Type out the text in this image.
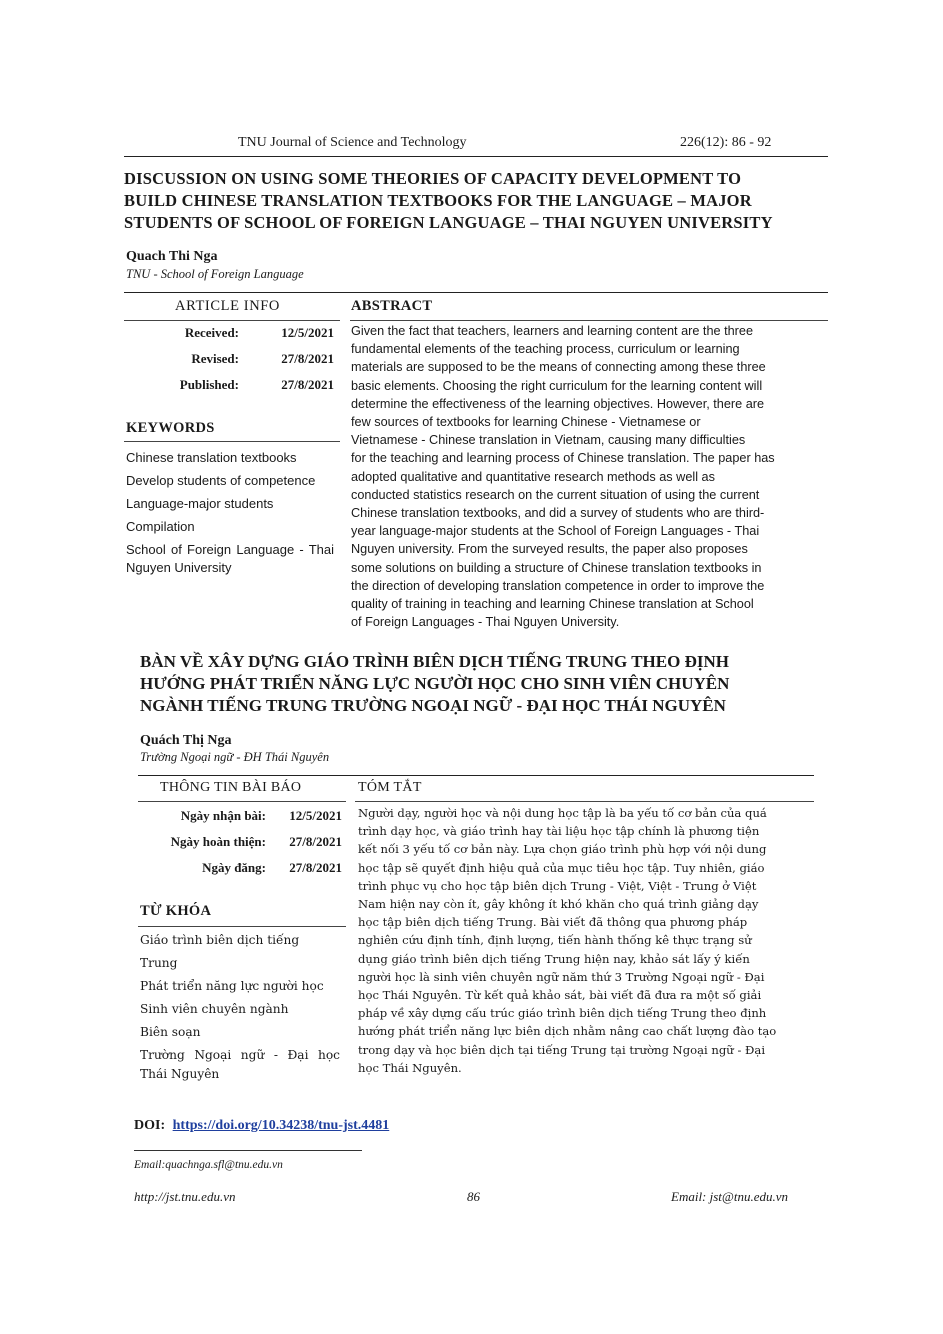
TNU Journal of Science and Technology	226(12): 86 - 92
DISCUSSION ON USING SOME THEORIES OF CAPACITY DEVELOPMENT TO
BUILD CHINESE TRANSLATION TEXTBOOKS FOR THE LANGUAGE – MAJOR
STUDENTS OF SCHOOL OF FOREIGN LANGUAGE – THAI NGUYEN UNIVERSITY
Quach Thi Nga
TNU - School of Foreign Language
ARTICLE INFO	ABSTRACT
Received:	12/5/2021
Revised:	27/8/2021
Published:	27/8/2021
KEYWORDS
Chinese translation textbooks
Develop students of competence
Language-major students
Compilation
School of Foreign Language - Thai Nguyen University
Given the fact that teachers, learners and learning content are the three
fundamental elements of the teaching process, curriculum or learning
materials are supposed to be the means of connecting among these three
basic elements. Choosing the right curriculum for the learning content will
determine the effectiveness of the learning objectives. However, there are
few sources of textbooks for learning Chinese - Vietnamese or
Vietnamese - Chinese translation in Vietnam, causing many difficulties
for the teaching and learning process of Chinese translation. The paper has
adopted qualitative and quantitative research methods as well as
conducted statistics research on the current situation of using the current
Chinese translation textbooks, and did a survey of students who are third-
year language-major students at the School of Foreign Languages - Thai
Nguyen university. From the surveyed results, the paper also proposes
some solutions on building a structure of Chinese translation textbooks in
the direction of developing translation competence in order to improve the
quality of training in teaching and learning Chinese translation at School
of Foreign Languages - Thai Nguyen University.
BÀN VỀ XÂY DỰNG GIÁO TRÌNH BIÊN DỊCH TIẾNG TRUNG THEO ĐỊNH
HƯỚNG PHÁT TRIỂN NĂNG LỰC NGƯỜI HỌC CHO SINH VIÊN CHUYÊN
NGÀNH TIẾNG TRUNG TRƯỜNG NGOẠI NGỮ - ĐẠI HỌC THÁI NGUYÊN
Quách Thị Nga
Trường Ngoại ngữ - ĐH Thái Nguyên
THÔNG TIN BÀI BÁO	TÓM TẮT
Ngày nhận bài:	12/5/2021
Ngày hoàn thiện:	27/8/2021
Ngày đăng:	27/8/2021
TỪ KHÓA
Giáo trình biên dịch tiếng Trung
Phát triển năng lực người học
Sinh viên chuyên ngành
Biên soạn
Trường Ngoại ngữ - Đại học Thái Nguyên
Người dạy, người học và nội dung học tập là ba yếu tố cơ bản của quá
trình dạy học, và giáo trình hay tài liệu học tập chính là phương tiện
kết nối 3 yếu tố cơ bản này. Lựa chọn giáo trình phù hợp với nội dung
học tập sẽ quyết định hiệu quả của mục tiêu học tập. Tuy nhiên, giáo
trình phục vụ cho học tập biên dịch Trung - Việt, Việt - Trung ở Việt
Nam hiện nay còn ít, gây không ít khó khăn cho quá trình giảng dạy
học tập biên dịch tiếng Trung. Bài viết đã thông qua phương pháp
nghiên cứu định tính, định lượng, tiến hành thống kê thực trạng sử
dụng giáo trình biên dịch tiếng Trung hiện nay, khảo sát lấy ý kiến
người học là sinh viên chuyên ngữ năm thứ 3 Trường Ngoại ngữ - Đại
học Thái Nguyên. Từ kết quả khảo sát, bài viết đã đưa ra một số giải
pháp về xây dựng cấu trúc giáo trình biên dịch tiếng Trung theo định
hướng phát triển năng lực biên dịch nhằm nâng cao chất lượng đào tạo
trong dạy và học biên dịch tại tiếng Trung tại trường Ngoại ngữ - Đại
học Thái Nguyên.
DOI: https://doi.org/10.34238/tnu-jst.4481
Email:quachnga.sfl@tnu.edu.vn
http://jst.tnu.edu.vn	86	Email: jst@tnu.edu.vn
